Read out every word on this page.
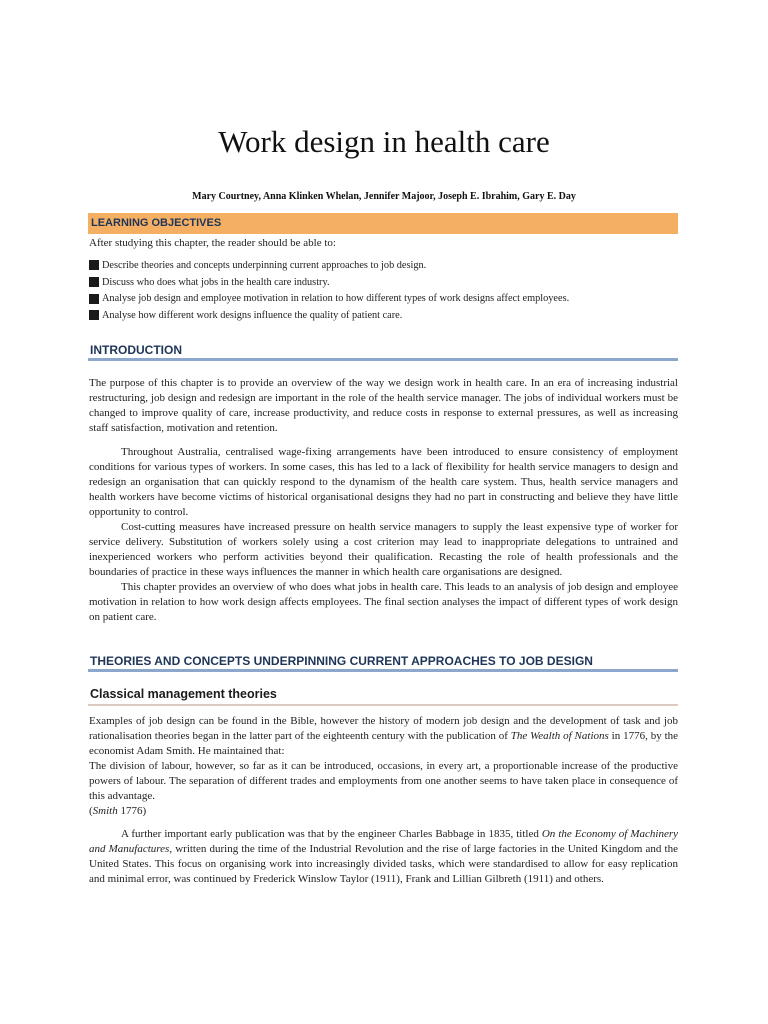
Work design in health care
Mary Courtney, Anna Klinken Whelan, Jennifer Majoor, Joseph E. Ibrahim, Gary E. Day
LEARNING OBJECTIVES
After studying this chapter, the reader should be able to:
Describe theories and concepts underpinning current approaches to job design.
Discuss who does what jobs in the health care industry.
Analyse job design and employee motivation in relation to how different types of work designs affect employees.
Analyse how different work designs influence the quality of patient care.
INTRODUCTION

The purpose of this chapter is to provide an overview of the way we design work in health care. In an era of increasing industrial restructuring, job design and redesign are important in the role of the health service manager. The jobs of individual workers must be changed to improve quality of care, increase productivity, and reduce costs in response to external pressures, as well as increasing staff satisfaction, motivation and retention.

Throughout Australia, centralised wage-fixing arrangements have been introduced to ensure consistency of employment conditions for various types of workers. In some cases, this has led to a lack of flexibility for health service managers to design and redesign an organisation that can quickly respond to the dynamism of the health care system. Thus, health service managers and health workers have become victims of historical organisational designs they had no part in constructing and believe they have little opportunity to control.

Cost-cutting measures have increased pressure on health service managers to supply the least expensive type of worker for service delivery. Substitution of workers solely using a cost criterion may lead to inappropriate delegations to untrained and inexperienced workers who perform activities beyond their qualification. Recasting the role of health professionals and the boundaries of practice in these ways influences the manner in which health care organisations are designed.

This chapter provides an overview of who does what jobs in health care. This leads to an analysis of job design and employee motivation in relation to how work design affects employees. The final section analyses the impact of different types of work design on patient care.

THEORIES AND CONCEPTS UNDERPINNING CURRENT APPROACHES TO JOB DESIGN
Classical management theories

Examples of job design can be found in the Bible, however the history of modern job design and the development of task and job rationalisation theories began in the latter part of the eighteenth century with the publication of The Wealth of Nations in 1776, by the economist Adam Smith. He maintained that:

The division of labour, however, so far as it can be introduced, occasions, in every art, a proportionable increase of the productive powers of labour. The separation of different trades and employments from one another seems to have taken place in consequence of this advantage.

(Smith 1776)

A further important early publication was that by the engineer Charles Babbage in 1835, titled On the Economy of Machinery and Manufactures, written during the time of the Industrial Revolution and the rise of large factories in the United Kingdom and the United States. This focus on organising work into increasingly divided tasks, which were standardised to allow for easy replication and minimal error, was continued by Frederick Winslow Taylor (1911), Frank and Lillian Gilbreth (1911) and others.
